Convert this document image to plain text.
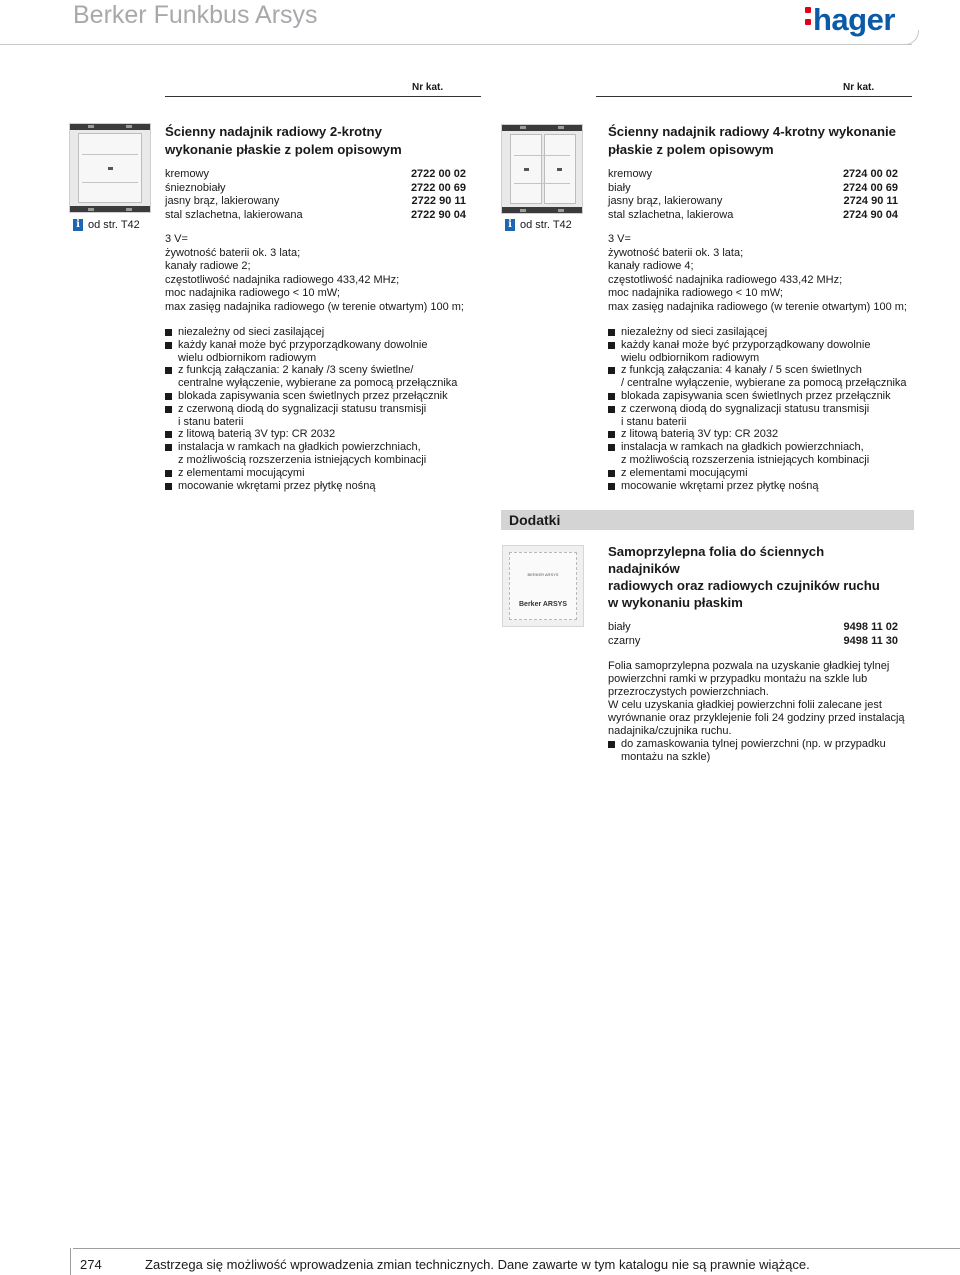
Berker Funkbus Arsys	hager
Nr kat.	Nr kat.
i od str. T42
Ścienny nadajnik radiowy 2-krotny
wykonanie płaskie z polem opisowym
kremowy	2722 00 02
śnieznobiały	2722 00 69
jasny brąz, lakierowany	2722 90 11
stal szlachetna, lakierowana	2722 90 04
3 V=
żywotność baterii ok. 3 lata;
kanały radiowe 2;
częstotliwość nadajnika radiowego 433,42 MHz;
moc nadajnika radiowego < 10 mW;
max zasięg nadajnika radiowego (w terenie otwartym) 100 m;
niezależny od sieci zasilającej
każdy kanał może być przyporządkowany dowolnie
wielu odbiornikom radiowym
z funkcją załączania: 2 kanały /3 sceny świetlne/
centralne wyłączenie, wybierane za pomocą przełącznika
blokada zapisywania scen świetlnych przez przełącznik
z czerwoną diodą do sygnalizacji statusu transmisji
i stanu baterii
z litową baterią 3V typ: CR 2032
instalacja w ramkach na gładkich powierzchniach,
z możliwością rozszerzenia istniejących kombinacji
z elementami mocującymi
mocowanie wkrętami przez płytkę nośną
i od str. T42
Ścienny nadajnik radiowy 4-krotny wykonanie
płaskie z polem opisowym
kremowy	2724 00 02
biały	2724 00 69
jasny brąz, lakierowany	2724 90 11
stal szlachetna, lakierowa	2724 90 04
3 V=
żywotność baterii ok. 3 lata;
kanały radiowe 4;
częstotliwość nadajnika radiowego 433,42 MHz;
moc nadajnika radiowego < 10 mW;
max zasięg nadajnika radiowego (w terenie otwartym) 100 m;
niezależny od sieci zasilającej
każdy kanał może być przyporządkowany dowolnie
wielu odbiornikom radiowym
z funkcją załączania: 4 kanały / 5 scen świetlnych
/ centralne wyłączenie, wybierane za pomocą przełącznika
blokada zapisywania scen świetlnych przez przełącznik
z czerwoną diodą do sygnalizacji statusu transmisji
i stanu baterii
z litową baterią 3V typ: CR 2032
instalacja w ramkach na gładkich powierzchniach,
z możliwością rozszerzenia istniejących kombinacji
z elementami mocującymi
mocowanie wkrętami przez płytkę nośną
Dodatki
BERKER ARSYS
Berker ARSYS
Samoprzylepna folia do ściennych nadajników
radiowych oraz radiowych czujników ruchu
w wykonaniu płaskim
biały	9498 11 02
czarny	9498 11 30
Folia samoprzylepna pozwala na uzyskanie gładkiej tylnej
powierzchni ramki w przypadku montażu na szkle lub
przezroczystych powierzchniach.
W celu uzyskania gładkiej powierzchni folii zalecane jest
wyrównanie oraz przyklejenie foli 24 godziny przed instalacją
nadajnika/czujnika ruchu.
do zamaskowania tylnej powierzchni (np. w przypadku
montażu na szkle)
274	Zastrzega się możliwość wprowadzenia zmian technicznych. Dane zawarte w tym katalogu nie są prawnie wiążące.
